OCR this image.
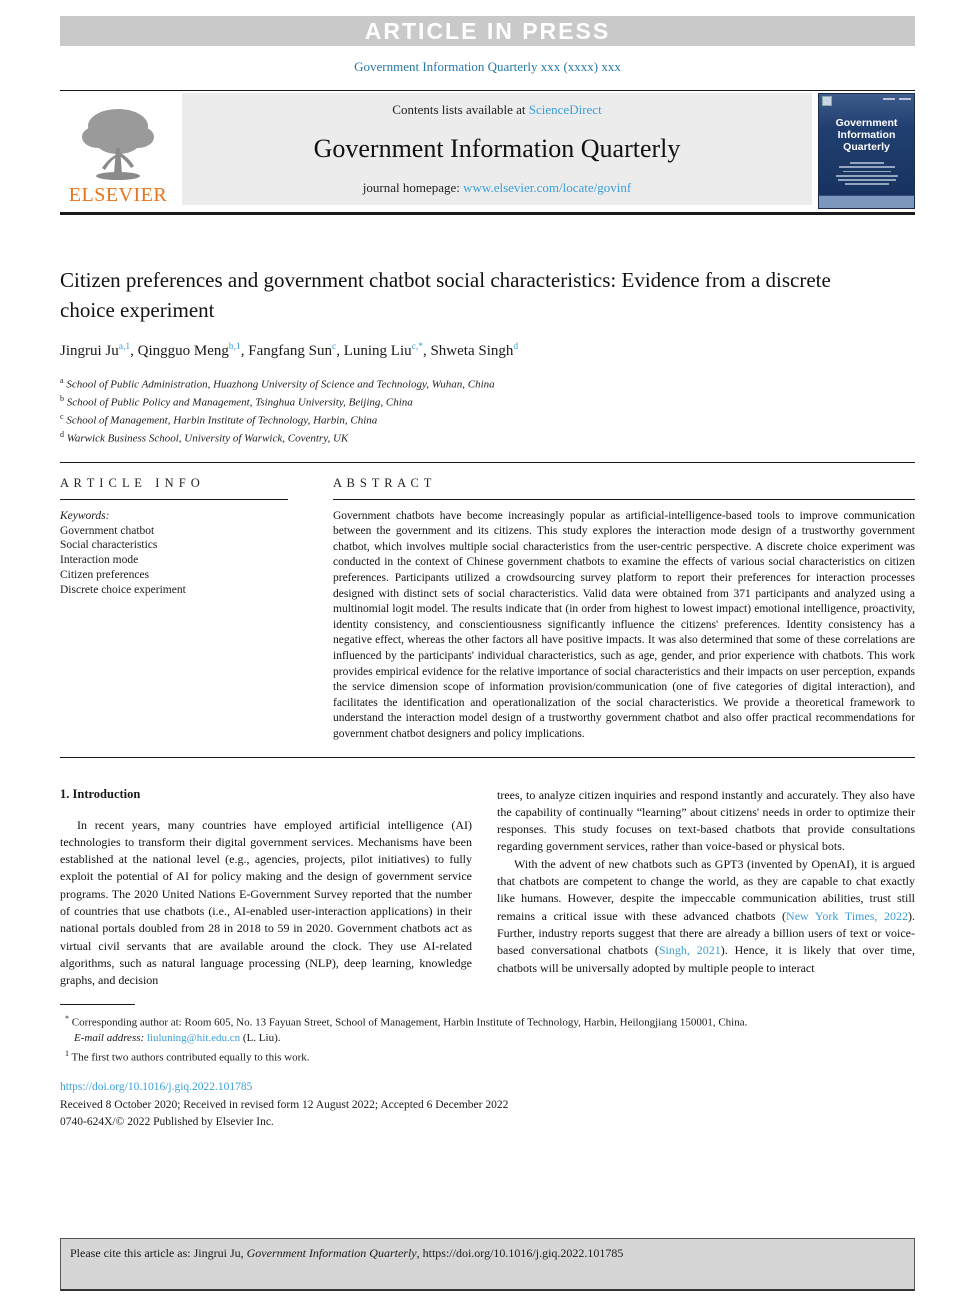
ARTICLE IN PRESS
Government Information Quarterly xxx (xxxx) xxx
ELSEVIER
Contents lists available at ScienceDirect
Government Information Quarterly
journal homepage: www.elsevier.com/locate/govinf
Government
Information
Quarterly
Citizen preferences and government chatbot social characteristics: Evidence from a discrete choice experiment
Jingrui Ju$^{a,1}$, Qingguo Meng$^{b,1}$, Fangfang Sun$^c$, Luning Liu$^{c,*}$, Shweta Singh$^d$
$^a$ School of Public Administration, Huazhong University of Science and Technology, Wuhan, China
$^b$ School of Public Policy and Management, Tsinghua University, Beijing, China
$^c$ School of Management, Harbin Institute of Technology, Harbin, China
$^d$ Warwick Business School, University of Warwick, Coventry, UK
A R T I C L E   I N F O
Keywords:
Government chatbot
Social characteristics
Interaction mode
Citizen preferences
Discrete choice experiment
A B S T R A C T

Government chatbots have become increasingly popular as artificial-intelligence-based tools to improve communication between the government and its citizens. This study explores the interaction mode design of a trustworthy government chatbot, which involves multiple social characteristics from the user-centric perspective. A discrete choice experiment was conducted in the context of Chinese government chatbots to examine the effects of various social characteristics on citizen preferences. Participants utilized a crowdsourcing survey platform to report their preferences for interaction processes designed with distinct sets of social characteristics. Valid data were obtained from 371 participants and analyzed using a multinomial logit model. The results indicate that (in order from highest to lowest impact) emotional intelligence, proactivity, identity consistency, and conscientiousness significantly influence the citizens' preferences. Identity consistency has a negative effect, whereas the other factors all have positive impacts. It was also determined that some of these correlations are influenced by the participants' individual characteristics, such as age, gender, and prior experience with chatbots. This work provides empirical evidence for the relative importance of social characteristics and their impacts on user perception, expands the service dimension scope of information provision/communication (one of five categories of digital interaction), and facilitates the identification and operationalization of the social characteristics. We provide a theoretical framework to understand the interaction model design of a trustworthy government chatbot and also offer practical recommendations for government chatbot designers and policy implications.

1. Introduction

In recent years, many countries have employed artificial intelligence (AI) technologies to transform their digital government services. Mechanisms have been established at the national level (e.g., agencies, projects, pilot initiatives) to fully exploit the potential of AI for policy making and the design of government service programs. The 2020 United Nations E-Government Survey reported that the number of countries that use chatbots (i.e., AI-enabled user-interaction applications) in their national portals doubled from 28 in 2018 to 59 in 2020. Government chatbots act as virtual civil servants that are available around the clock. They use AI-related algorithms, such as natural language processing (NLP), deep learning, knowledge graphs, and decision

trees, to analyze citizen inquiries and respond instantly and accurately. They also have the capability of continually “learning” about citizens' needs in order to optimize their responses. This study focuses on text-based chatbots that provide consultations regarding government services, rather than voice-based or physical bots.

With the advent of new chatbots such as GPT3 (invented by OpenAI), it is argued that chatbots are competent to change the world, as they are capable to chat exactly like humans. However, despite the impeccable communication abilities, trust still remains a critical issue with these advanced chatbots (New York Times, 2022). Further, industry reports suggest that there are already a billion users of text or voice-based conversational chatbots (Singh, 2021). Hence, it is likely that over time, chatbots will be universally adopted by multiple people to interact

* Corresponding author at: Room 605, No. 13 Fayuan Street, School of Management, Harbin Institute of Technology, Harbin, Heilongjiang 150001, China.
E-mail address: liuluning@hit.edu.cn (L. Liu).
$^1$ The first two authors contributed equally to this work.
https://doi.org/10.1016/j.giq.2022.101785
Received 8 October 2020; Received in revised form 12 August 2022; Accepted 6 December 2022
0740-624X/© 2022 Published by Elsevier Inc.
Please cite this article as: Jingrui Ju, Government Information Quarterly, https://doi.org/10.1016/j.giq.2022.101785
